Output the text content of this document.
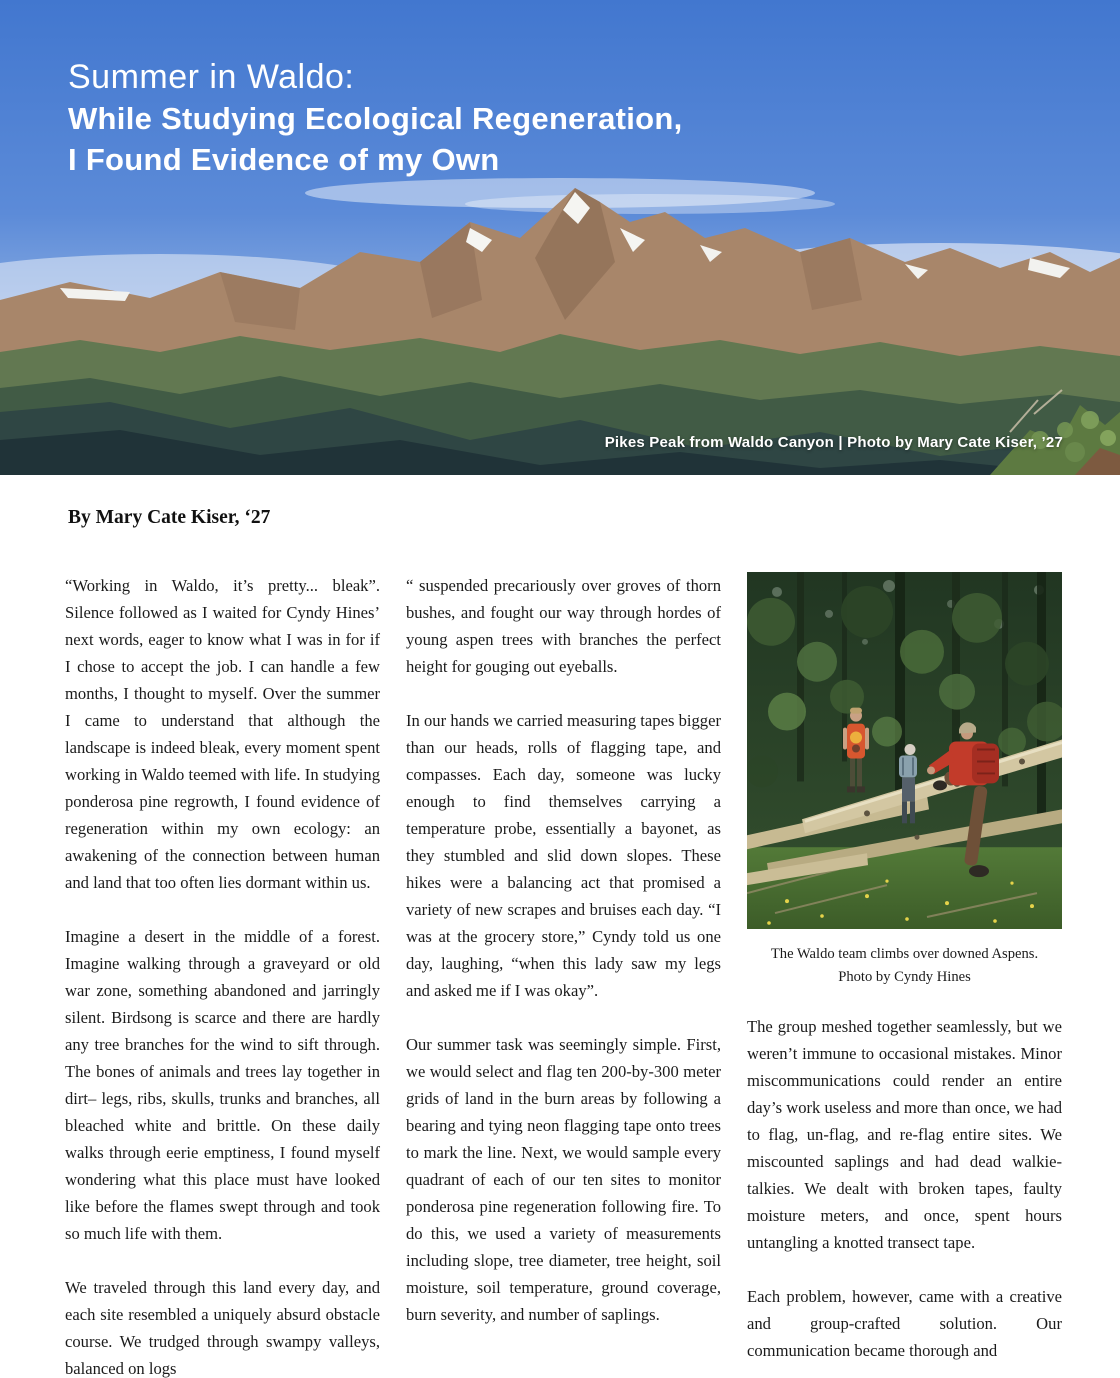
Summer in Waldo:
While Studying Ecological Regeneration,
I Found Evidence of my Own
Pikes Peak from Waldo Canyon | Photo by Mary Cate Kiser, ’27
By Mary Cate Kiser, ‘27

“Working in Waldo, it’s pretty... bleak”. Silence followed as I waited for Cyndy Hines’ next words, eager to know what I was in for if I chose to accept the job. I can handle a few months, I thought to myself. Over the summer I came to understand that although the landscape is indeed bleak, every moment spent working in Waldo teemed with life. In studying ponderosa pine regrowth, I found evidence of regeneration within my own ecology: an awakening of the connection between human and land that too often lies dormant within us.

Imagine a desert in the middle of a forest. Imagine walking through a graveyard or old war zone, something abandoned and jarringly silent. Birdsong is scarce and there are hardly any tree branches for the wind to sift through. The bones of animals and trees lay together in dirt– legs, ribs, skulls, trunks and branches, all bleached white and brittle. On these daily walks through eerie emptiness, I found myself wondering what this place must have looked like before the flames swept through and took so much life with them.

We traveled through this land every day, and each site resembled a uniquely absurd obstacle course. We trudged through swampy valleys, balanced on logs

“ suspended precariously over groves of thorn bushes, and fought our way through hordes of young aspen trees with branches the perfect height for gouging out eyeballs.

In our hands we carried measuring tapes bigger than our heads, rolls of flagging tape, and compasses. Each day, someone was lucky enough to find themselves carrying a temperature probe, essentially a bayonet, as they stumbled and slid down slopes. These hikes were a balancing act that promised a variety of new scrapes and bruises each day. “I was at the grocery store,” Cyndy told us one day, laughing, “when this lady saw my legs and asked me if I was okay”.

Our summer task was seemingly simple. First, we would select and flag ten 200-by-300 meter grids of land in the burn areas by following a bearing and tying neon flagging tape onto trees to mark the line. Next, we would sample every quadrant of each of our ten sites to monitor ponderosa pine regeneration following fire. To do this, we used a variety of measurements including slope, tree diameter, tree height, soil moisture, soil temperature, ground coverage, burn severity, and number of saplings.

The Waldo team climbs over downed Aspens.
Photo by Cyndy Hines

The group meshed together seamlessly, but we weren’t immune to occasional mistakes. Minor miscommunications could render an entire day’s work useless and more than once, we had to flag, un-flag, and re-flag entire sites. We miscounted saplings and had dead walkie-talkies. We dealt with broken tapes, faulty moisture meters, and once, spent hours untangling a knotted transect tape.

Each problem, however, came with a creative and group-crafted solution. Our communication became thorough and
